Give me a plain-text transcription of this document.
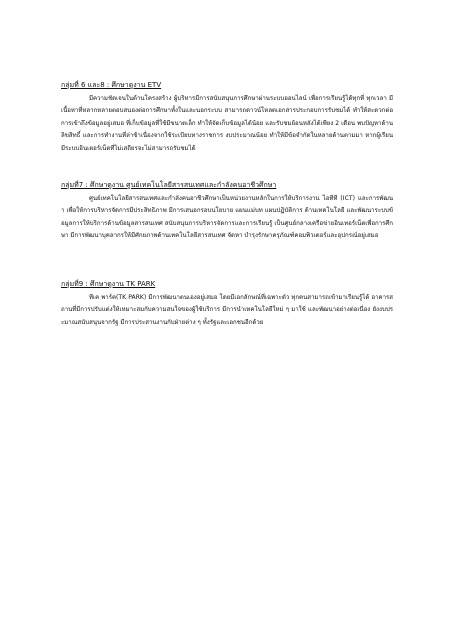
กลุ่มที่ 6 และ8 : ศึกษาดูงาน ETV

มีความชัดเจนในด้านโครงสร้าง ผู้บริหารมีการสนับสนุนการศึกษาผ่านระบบออนไลน์ เพื่อการเรียนรู้ได้ทุกที่ ทุกเวลา มีเนื้อหาที่หลากหลายตอบสนองต่อการศึกษาทั้งในและนอกระบบ สามารถดาวน์โหลดเอกสารประกอบการรับชมได้ ทำให้สะดวกต่อการเข้าถึงข้อมูลอยู่เสมอ ที่เก็บข้อมูลที่ใช้มีขนาดเล็ก ทำให้จัดเก็บข้อมูลได้น้อย และรับชมย้อนหลังได้เพียง 2 เดือน พบปัญหาด้านลิขสิทธิ์ และการทำงานที่ล่าช้าเนื่องจากใช้ระเบียบทางราชการ งบประมาณน้อย ทำให้มีข้อจำกัดในหลายด้านตามมา หากผู้เรียนมีระบบอินเตอร์เน็ตที่ไม่เสถียรจะไม่สามารถรับชมได้

กลุ่มที่7 : ศึกษาดูงาน ศูนย์เทคโนโลยีสารสนเทศและกำลังคนอาชีวศึกษา

ศูนย์เทคโนโลยีสารสนเทศและกำลังคนอาชีวศึกษาเป็นหน่วยงานหลักในการให้บริการงาน ไอทีที (ICT) และการพัฒนา เพื่อให้การบริหารจัดการมีประสิทธิภาพ มีการเสนอกรอบนโยบาย แผนแม่บท แผนปฏิบัติการ ด้านเทคโนโลยี และพัฒนาระบบข้อมูลการให้บริการด้านข้อมูลสารสนเทศ สนับสนุนการบริหารจัดการและการเรียนรู้ เป็นศูนย์กลางเครือข่ายอินเทอร์เน็ตเพื่อการศึกษา มีการพัฒนาบุคลากรให้มีศักยภาพด้านเทคโนโลยีสารสนเทศ จัดหา บำรุงรักษาครุภัณฑ์คอมพิวเตอร์และอุปกรณ์อยู่เสมอ

กลุ่มที่9 : ศึกษาดูงาน TK PARK

ทีเค พาร์ค(TK PARK) มีการพัฒนาตนเองอยู่เสมอ โดยมีเอกลักษณ์ที่เฉพาะตัว ทุกคนสามารถเข้ามาเรียนรู้ได้ อาคารสถานที่มีการปรับแต่งให้เหมาะสมกับความสนใจของผู้ใช้บริการ มีการนำเทคโนโลยีใหม่ ๆ มาใช้ และพัฒนาอย่างต่อเนื่อง ยังงบประมาณสนับสนุนจากรัฐ มีการประสานงานกับฝ่ายต่าง ๆ ทั้งรัฐและเอกชนอีกด้วย
